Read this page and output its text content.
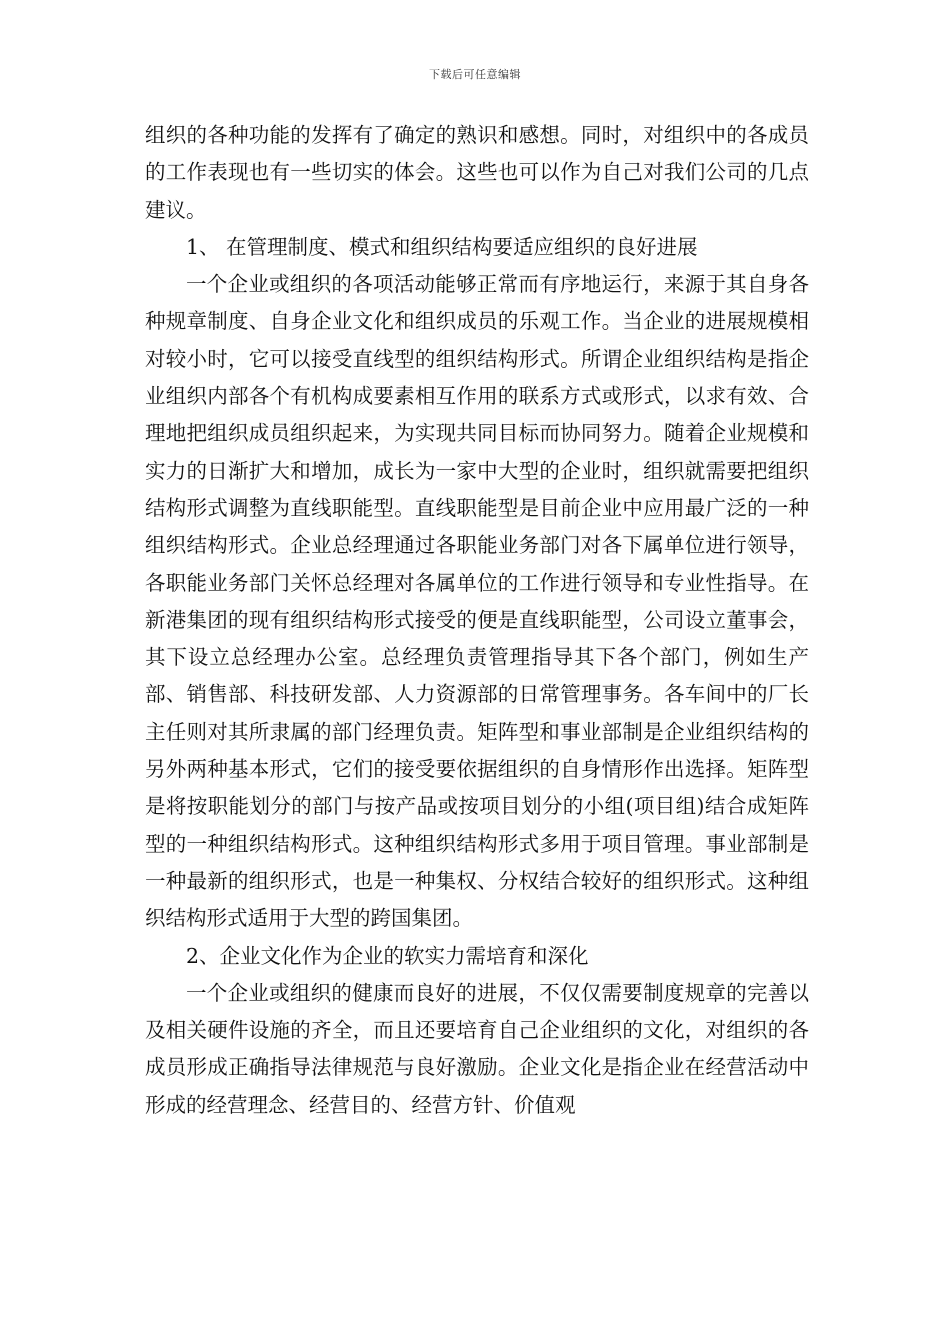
下载后可任意编辑

组织的各种功能的发挥有了确定的熟识和感想。同时，对组织中的各成员的工作表现也有一些切实的体会。这些也可以作为自己对我们公司的几点建议。

1、 在管理制度、模式和组织结构要适应组织的良好进展

一个企业或组织的各项活动能够正常而有序地运行，来源于其自身各种规章制度、自身企业文化和组织成员的乐观工作。当企业的进展规模相对较小时，它可以接受直线型的组织结构形式。所谓企业组织结构是指企业组织内部各个有机构成要素相互作用的联系方式或形式，以求有效、合理地把组织成员组织起来，为实现共同目标而协同努力。随着企业规模和实力的日渐扩大和增加，成长为一家中大型的企业时，组织就需要把组织结构形式调整为直线职能型。直线职能型是目前企业中应用最广泛的一种组织结构形式。企业总经理通过各职能业务部门对各下属单位进行领导，各职能业务部门关怀总经理对各属单位的工作进行领导和专业性指导。在新港集团的现有组织结构形式接受的便是直线职能型，公司设立董事会，其下设立总经理办公室。总经理负责管理指导其下各个部门，例如生产部、销售部、科技研发部、人力资源部的日常管理事务。各车间中的厂长主任则对其所隶属的部门经理负责。矩阵型和事业部制是企业组织结构的另外两种基本形式，它们的接受要依据组织的自身情形作出选择。矩阵型是将按职能划分的部门与按产品或按项目划分的小组(项目组)结合成矩阵型的一种组织结构形式。这种组织结构形式多用于项目管理。事业部制是一种最新的组织形式，也是一种集权、分权结合较好的组织形式。这种组织结构形式适用于大型的跨国集团。

2、企业文化作为企业的软实力需培育和深化

一个企业或组织的健康而良好的进展，不仅仅需要制度规章的完善以及相关硬件设施的齐全，而且还要培育自己企业组织的文化，对组织的各成员形成正确指导法律规范与良好激励。企业文化是指企业在经营活动中形成的经营理念、经营目的、经营方针、价值观
